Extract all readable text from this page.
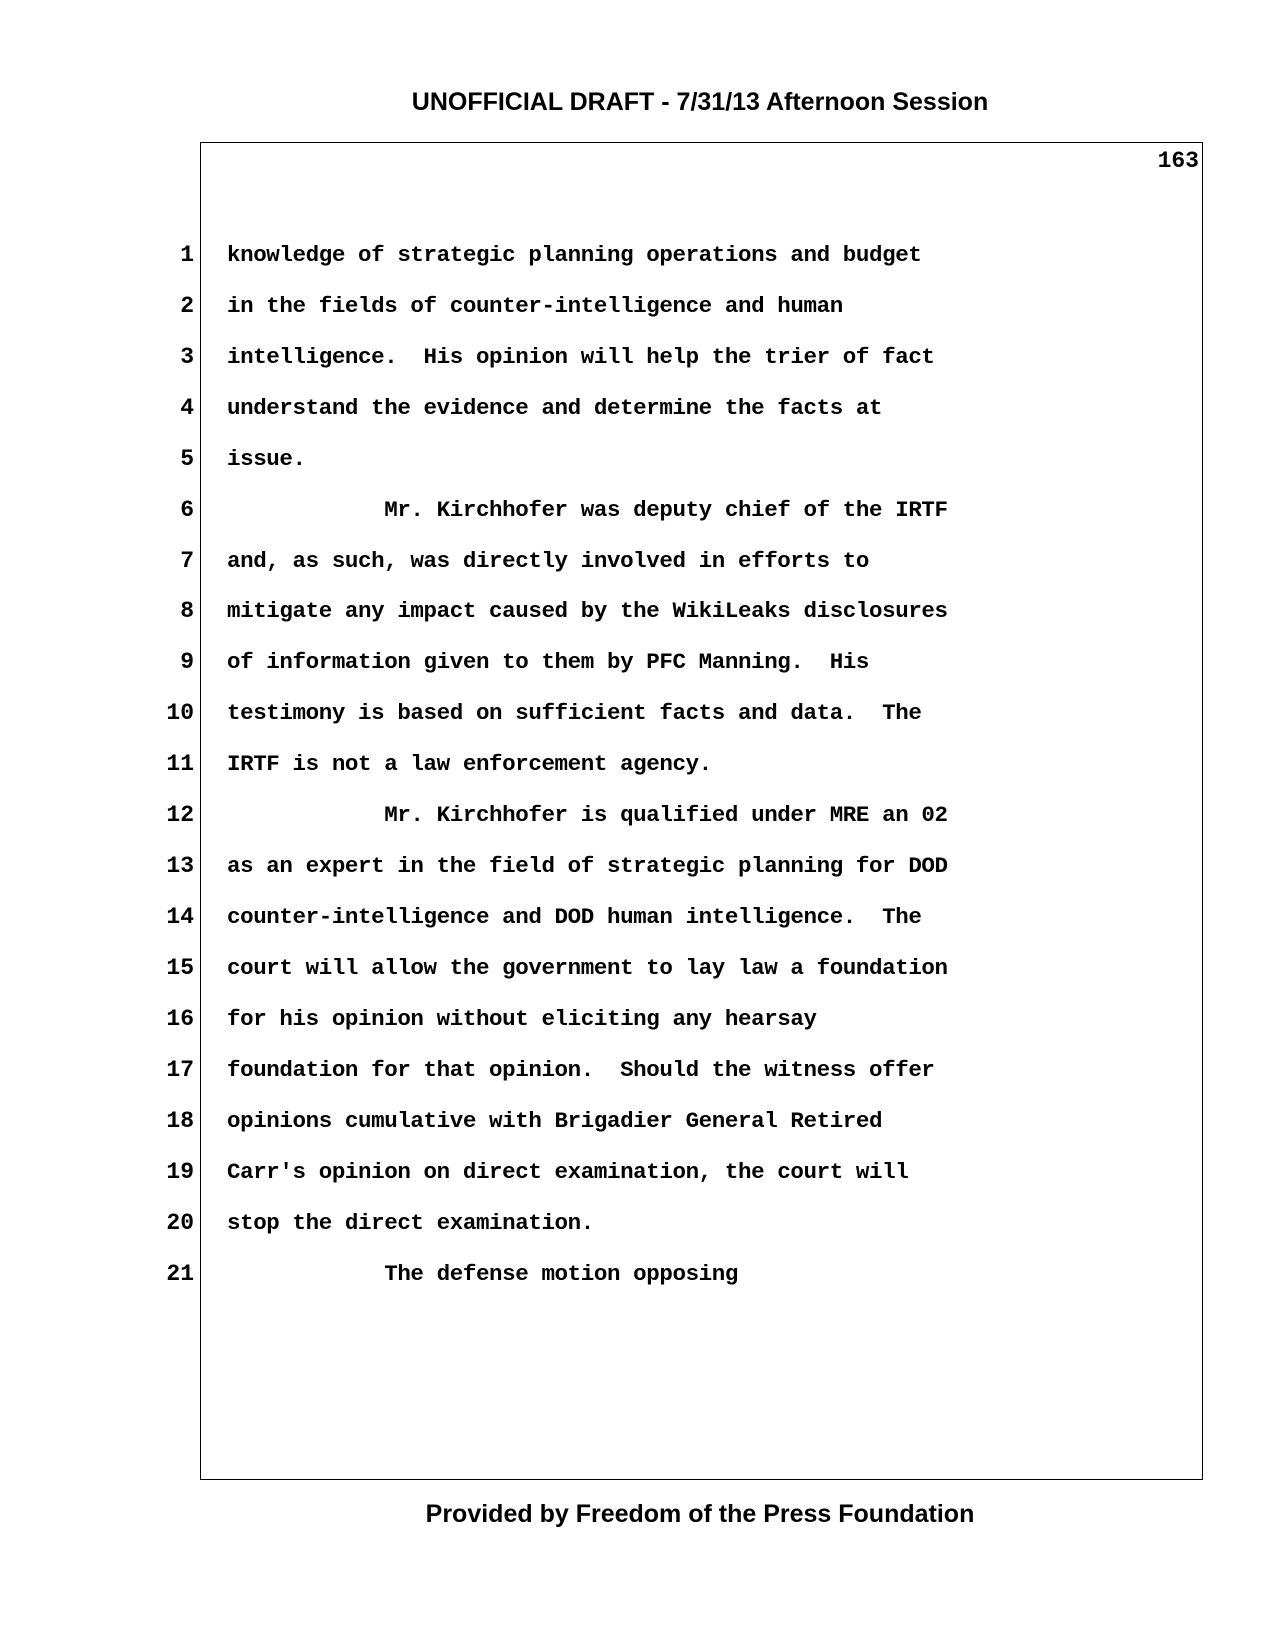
UNOFFICIAL DRAFT - 7/31/13 Afternoon Session
163
1 knowledge of strategic planning operations and budget
2 in the fields of counter-intelligence and human
3 intelligence.  His opinion will help the trier of fact
4 understand the evidence and determine the facts at
5 issue.
6 Mr. Kirchhofer was deputy chief of the IRTF
7 and, as such, was directly involved in efforts to
8 mitigate any impact caused by the WikiLeaks disclosures
9 of information given to them by PFC Manning.  His
10 testimony is based on sufficient facts and data.  The
11 IRTF is not a law enforcement agency.
12 Mr. Kirchhofer is qualified under MRE an 02
13 as an expert in the field of strategic planning for DOD
14 counter-intelligence and DOD human intelligence.  The
15 court will allow the government to lay law a foundation
16 for his opinion without eliciting any hearsay
17 foundation for that opinion.  Should the witness offer
18 opinions cumulative with Brigadier General Retired
19 Carr's opinion on direct examination, the court will
20 stop the direct examination.
21 The defense motion opposing
Provided by Freedom of the Press Foundation
